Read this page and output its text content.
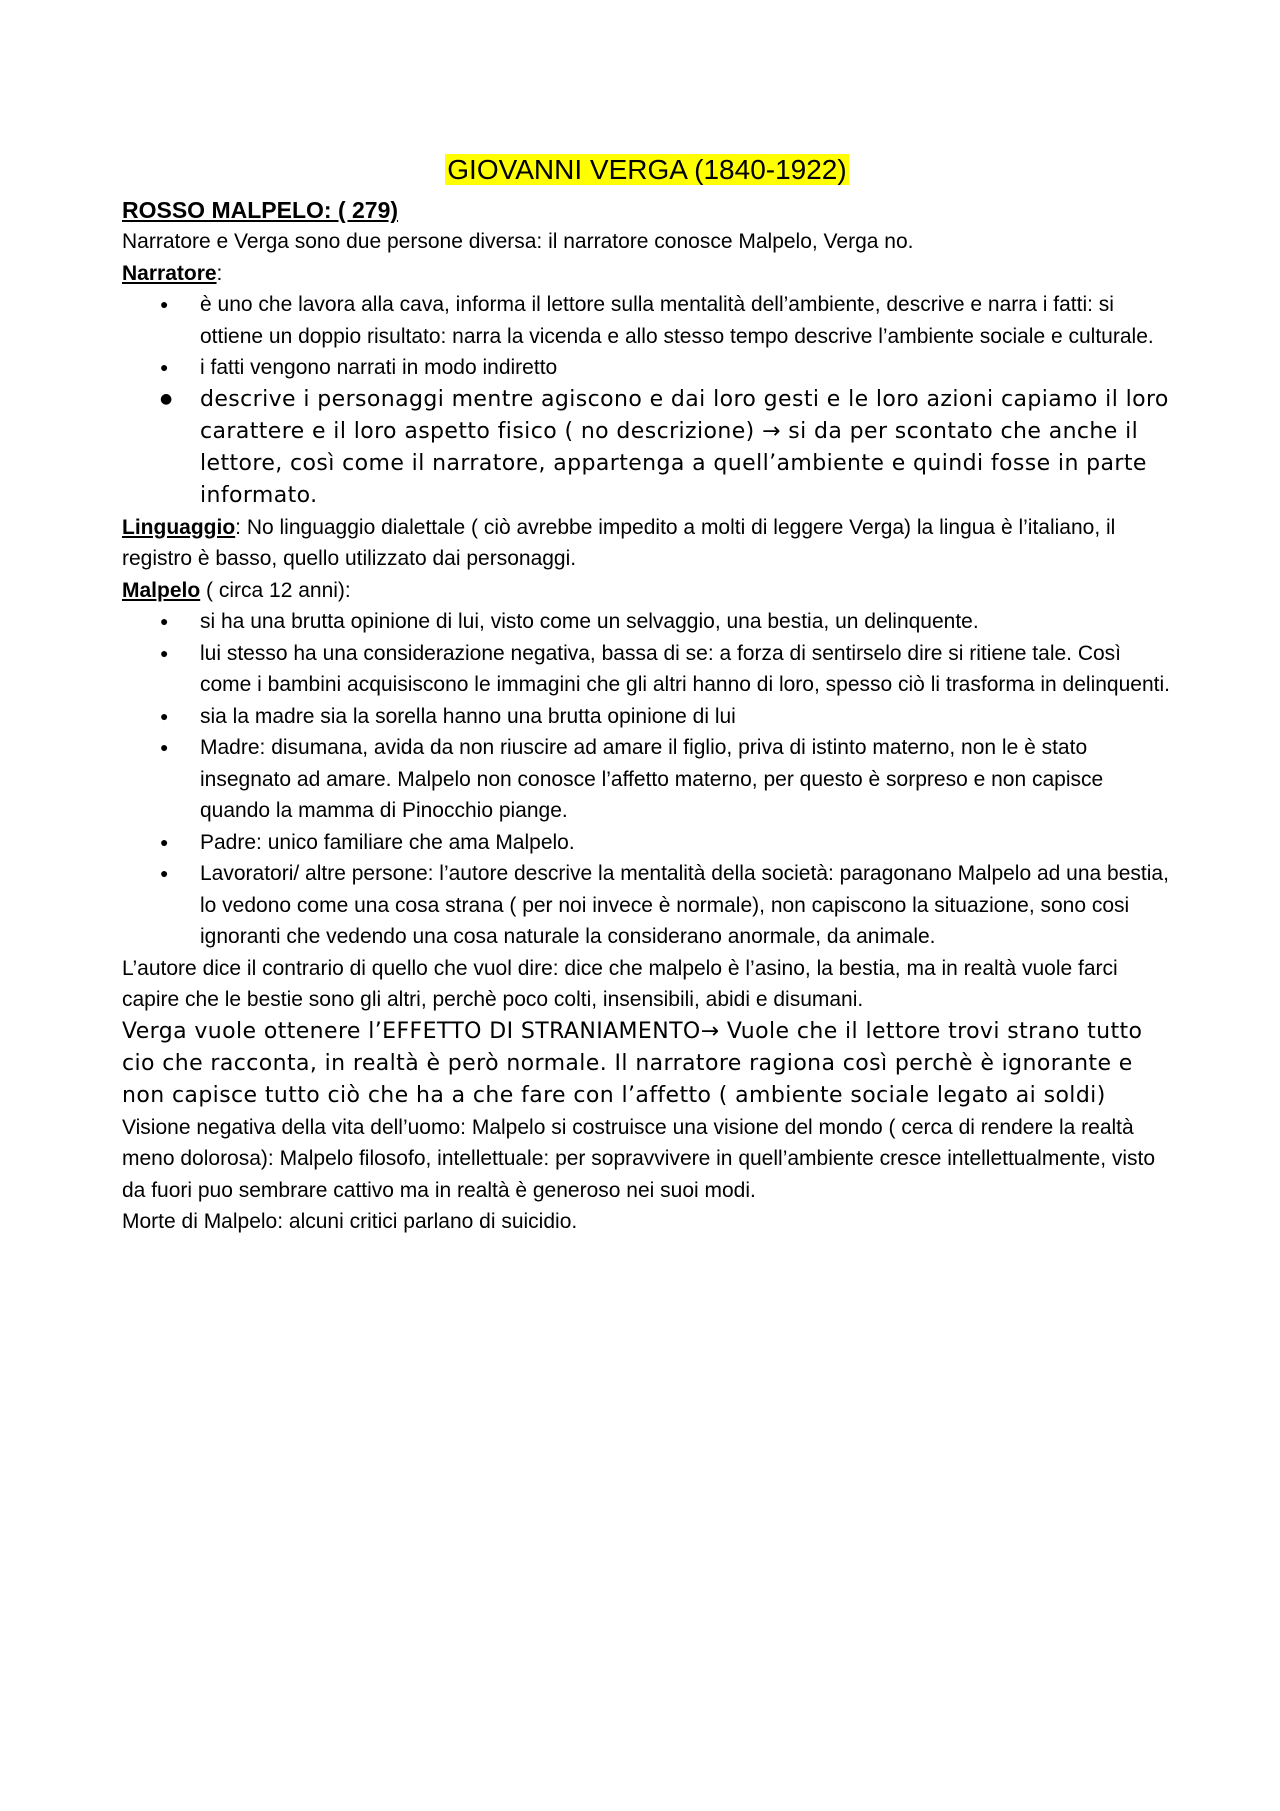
GIOVANNI VERGA (1840-1922)
ROSSO MALPELO: ( 279)

Narratore e Verga sono due persone diversa: il narratore conosce Malpelo, Verga no.

Narratore:

● è uno che lavora alla cava, informa il lettore sulla mentalità dell’ambiente, descrive e narra i fatti: si ottiene un doppio risultato: narra la vicenda e allo stesso tempo descrive l’ambiente sociale e culturale.
● i fatti vengono narrati in modo indiretto
● descrive i personaggi mentre agiscono e dai loro gesti e le loro azioni capiamo il loro carattere e il loro aspetto fisico ( no descrizione) → si da per scontato che anche il lettore, così come il narratore, appartenga a quell’ambiente e quindi fosse in parte informato.

Linguaggio: No linguaggio dialettale ( ciò avrebbe impedito a molti di leggere Verga) la lingua è l’italiano, il registro è basso, quello utilizzato dai personaggi.

Malpelo ( circa 12 anni):

● si ha una brutta opinione di lui, visto come un selvaggio, una bestia, un delinquente.
● lui stesso ha una considerazione negativa, bassa di se: a forza di sentirselo dire si ritiene tale. Così come i bambini acquisiscono le immagini che gli altri hanno di loro, spesso ciò li trasforma in delinquenti.
● sia la madre sia la sorella hanno una brutta opinione di lui
● Madre: disumana, avida da non riuscire ad amare il figlio, priva di istinto materno, non le è stato insegnato ad amare. Malpelo non conosce l’affetto materno, per questo è sorpreso e non capisce quando la mamma di Pinocchio piange.
● Padre: unico familiare che ama Malpelo.
● Lavoratori/ altre persone: l’autore descrive la mentalità della società: paragonano Malpelo ad una bestia, lo vedono come una cosa strana ( per noi invece è normale), non capiscono la situazione, sono cosi ignoranti che vedendo una cosa naturale la considerano anormale, da animale.

L’autore dice il contrario di quello che vuol dire: dice che malpelo è l’asino, la bestia, ma in realtà vuole farci capire che le bestie sono gli altri, perchè poco colti, insensibili, abidi e disumani.

Verga vuole ottenere l’EFFETTO DI STRANIAMENTO→ Vuole che il lettore trovi strano tutto cio che racconta, in realtà è però normale. Il narratore ragiona così perchè è ignorante e non capisce tutto ciò che ha a che fare con l’affetto ( ambiente sociale legato ai soldi)

Visione negativa della vita dell’uomo: Malpelo si costruisce una visione del mondo ( cerca di rendere la realtà meno dolorosa): Malpelo filosofo, intellettuale: per sopravvivere in quell’ambiente cresce intellettualmente, visto da fuori puo sembrare cattivo ma in realtà è generoso nei suoi modi.

Morte di Malpelo: alcuni critici parlano di suicidio.
